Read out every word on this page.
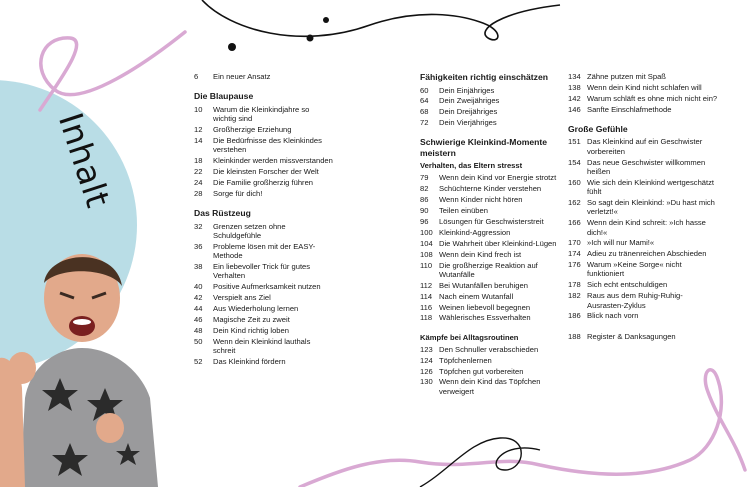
Inhalt
6	Ein neuer Ansatz
Die Blaupause
10	Warum die Kleinkindjahre so wichtig sind
12	Großherzige Erziehung
14	Die Bedürfnisse des Kleinkindes verstehen
18	Kleinkinder werden missverstanden
22	Die kleinsten Forscher der Welt
24	Die Familie großherzig führen
28	Sorge für dich!
Das Rüstzeug
32	Grenzen setzen ohne Schuldgefühle
36	Probleme lösen mit der EASY-Methode
38	Ein liebevoller Trick für gutes Verhalten
40	Positive Aufmerksamkeit nutzen
42	Verspielt ans Ziel
44	Aus Wiederholung lernen
46	Magische Zeit zu zweit
48	Dein Kind richtig loben
50	Wenn dein Kleinkind lauthals schreit
52	Das Kleinkind fördern
Fähigkeiten richtig einschätzen
60	Dein Einjähriges
64	Dein Zweijähriges
68	Dein Dreijähriges
72	Dein Vierjähriges
Schwierige Kleinkind-Momente meistern
Verhalten, das Eltern stresst
79	Wenn dein Kind vor Energie strotzt
82	Schüchterne Kinder verstehen
86	Wenn Kinder nicht hören
90	Teilen einüben
96	Lösungen für Geschwisterstreit
100 Kleinkind-Aggression
104 Die Wahrheit über Kleinkind-Lügen
108 Wenn dein Kind frech ist
110 Die großherzige Reaktion auf Wutanfälle
112 Bei Wutanfällen beruhigen
114 Nach einem Wutanfall
116 Weinen liebevoll begegnen
118 Wählerisches Essverhalten
Kämpfe bei Alltagsroutinen
123 Den Schnuller verabschieden
124 Töpfchenlernen
126 Töpfchen gut vorbereiten
130 Wenn dein Kind das Töpfchen verweigert
134 Zähne putzen mit Spaß
138 Wenn dein Kind nicht schlafen will
142 Warum schläft es ohne mich nicht ein?
146 Sanfte Einschlafmethode
Große Gefühle
151 Das Kleinkind auf ein Geschwister vorbereiten
154 Das neue Geschwister willkommen heißen
160 Wie sich dein Kleinkind wertgeschätzt fühlt
162 So sagt dein Kleinkind: »Du hast mich verletzt!«
166 Wenn dein Kind schreit: »Ich hasse dich!«
170 »Ich will nur Mami!«
174 Adieu zu tränenreichen Abschieden
176 Warum »Keine Sorge« nicht funktioniert
178 Sich echt entschuldigen
182 Raus aus dem Ruhig-Ruhig-Ausrasten-Zyklus
186 Blick nach vorn
188 Register & Danksagungen
